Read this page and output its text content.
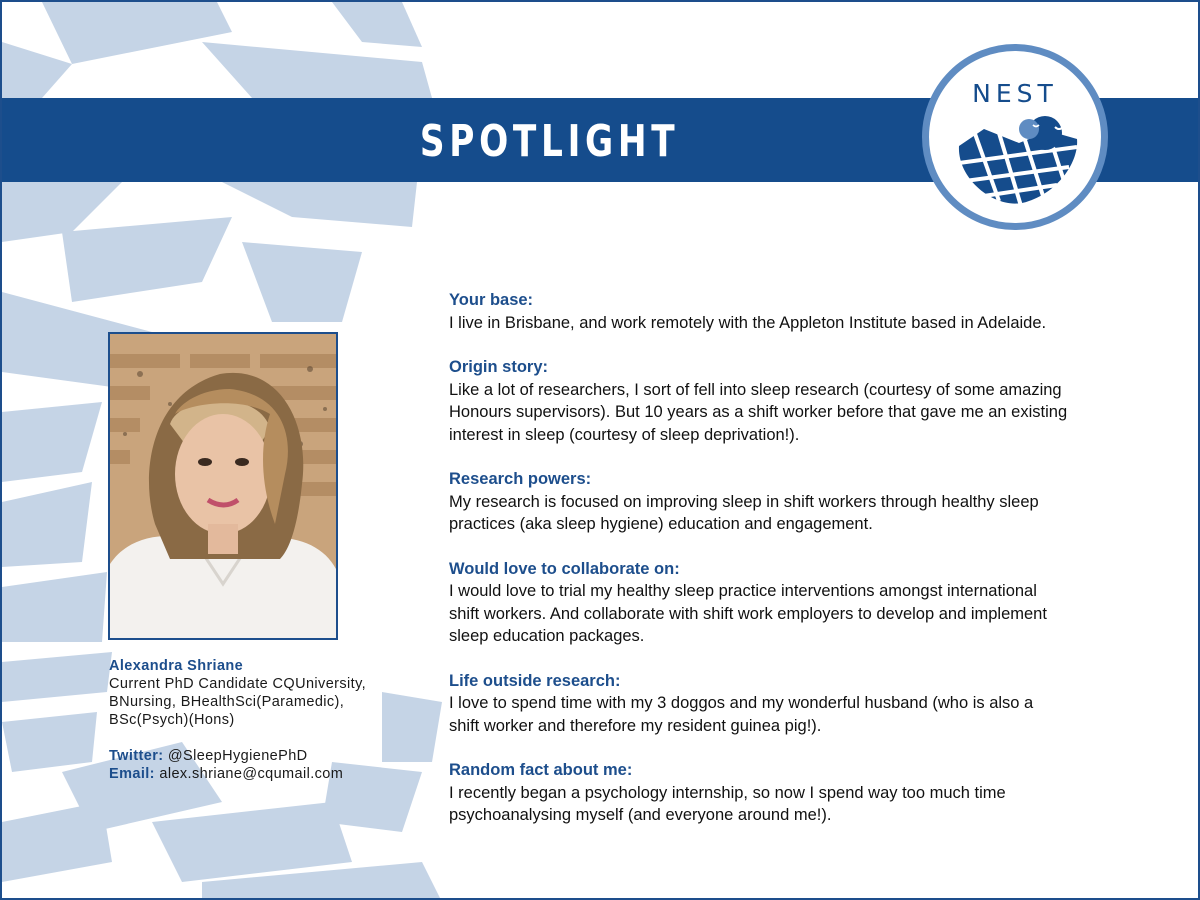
SPOTLIGHT
NEST
Alexandra Shriane
Current PhD Candidate CQUniversity,
BNursing, BHealthSci(Paramedic),
BSc(Psych)(Hons)
Twitter: @SleepHygienePhD
Email: alex.shriane@cqumail.com
Your base:
I live in Brisbane, and work remotely with the Appleton Institute based in Adelaide.
Origin story:
Like a lot of researchers, I sort of fell into sleep research (courtesy of some amazing
Honours supervisors). But 10 years as a shift worker before that gave me an existing
interest in sleep (courtesy of sleep deprivation!).
Research powers:
My research is focused on improving sleep in shift workers through healthy sleep
practices (aka sleep hygiene) education and engagement.
Would love to collaborate on:
I would love to trial my healthy sleep practice interventions amongst international
shift workers. And collaborate with shift work employers to develop and implement
sleep education packages.
Life outside research:
I love to spend time with my 3 doggos and my wonderful husband (who is also a
shift worker and therefore my resident guinea pig!).
Random fact about me:
I recently began a psychology internship, so now I spend way too much time
psychoanalysing myself (and everyone around me!).
